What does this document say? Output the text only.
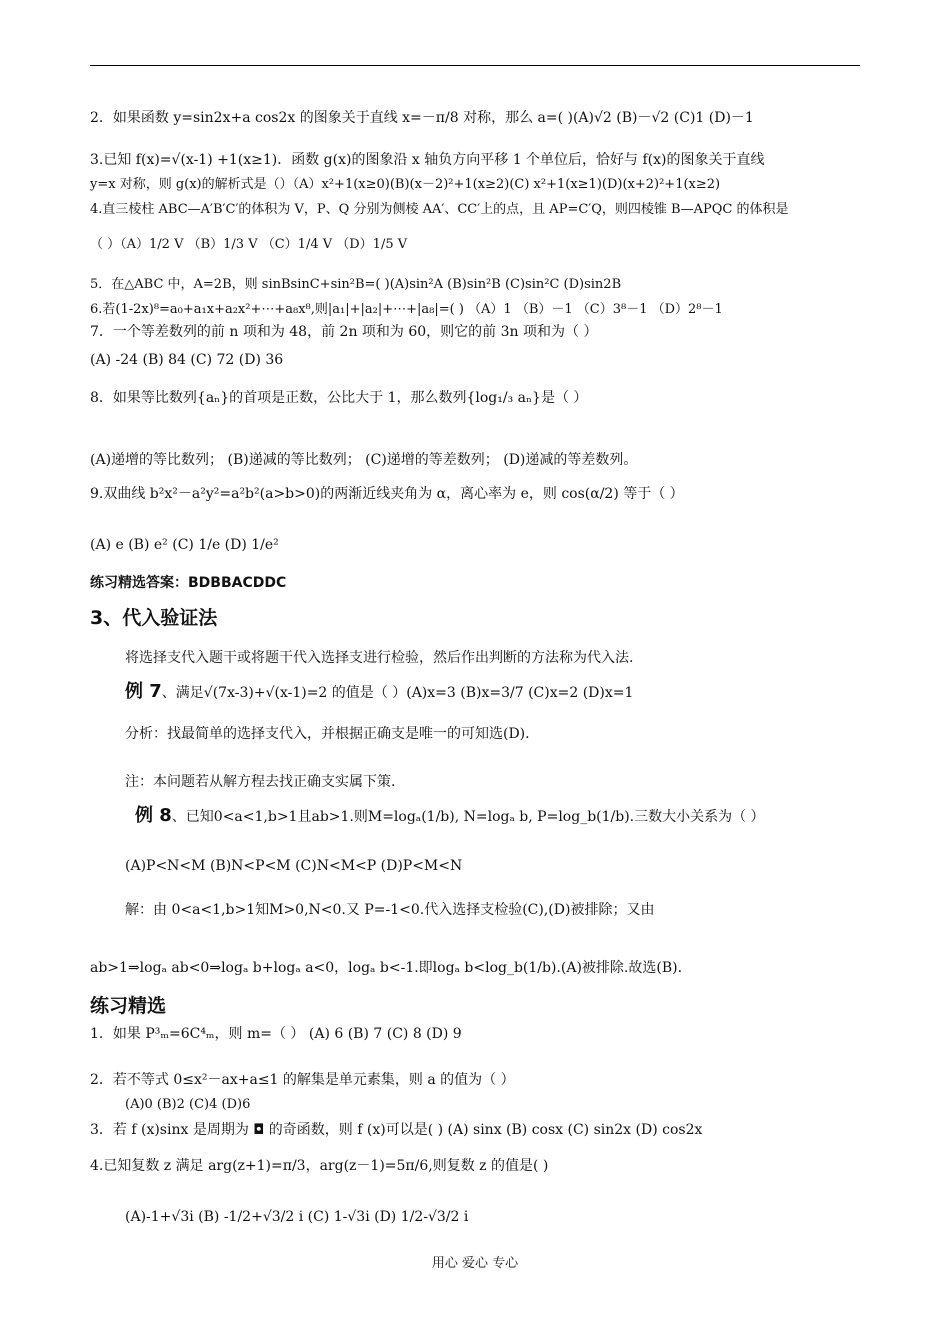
2．如果函数 y=sin2x+a cos2x 的图象关于直线 x=－π/8 对称，那么 a=( )(A)√2 (B)－√2 (C)1 (D)－1
3.已知 f(x)=√(x-1) +1(x≥1)．函数 g(x)的图象沿 x 轴负方向平移 1 个单位后，恰好与 f(x)的图象关于直线
y=x 对称，则 g(x)的解析式是（）（A）x²+1(x≥0)(B)(x－2)²+1(x≥2)(C) x²+1(x≥1)(D)(x+2)²+1(x≥2)
4.直三棱柱 ABC—A′B′C′的体积为 V，P、Q 分别为侧棱 AA′、CC′上的点，且 AP=C′Q，则四棱锥 B—APQC 的体积是
（ ）（A）1/2 V （B）1/3 V （C）1/4 V （D）1/5 V
5．在△ABC 中，A=2B，则 sinBsinC+sin²B=( )(A)sin²A (B)sin²B (C)sin²C (D)sin2B
6.若(1-2x)⁸=a₀+a₁x+a₂x²+⋯+a₈x⁸,则|a₁|+|a₂|+⋯+|a₈|=( ) （A）1 （B）－1 （C）3⁸－1 （D）2⁸－1
7．一个等差数列的前 n 项和为 48，前 2n 项和为 60，则它的前 3n 项和为（ ）
(A) -24 (B) 84 (C) 72 (D) 36
8．如果等比数列{aₙ}的首项是正数，公比大于 1，那么数列{log₁/₃ aₙ}是（ ）
(A)递增的等比数列； (B)递减的等比数列； (C)递增的等差数列； (D)递减的等差数列。
9.双曲线 b²x²－a²y²=a²b²(a>b>0)的两渐近线夹角为 α，离心率为 e，则 cos(α/2) 等于（ ）
(A) e (B) e² (C) 1/e (D) 1/e²
练习精选答案：BDBBACDDC
3、代入验证法
将选择支代入题干或将题干代入选择支进行检验，然后作出判断的方法称为代入法.
例 7、满足√(7x-3)+√(x-1)=2 的值是（ ）(A)x=3 (B)x=3/7 (C)x=2 (D)x=1
分析：找最简单的选择支代入，并根据正确支是唯一的可知选(D).
注：本问题若从解方程去找正确支实属下策.
例 8、已知0<a<1,b>1且ab>1.则M=logₐ(1/b), N=logₐ b, P=log_b(1/b).三数大小关系为（ ）
(A)P<N<M (B)N<P<M (C)N<M<P (D)P<M<N
解：由 0<a<1,b>1知M>0,N<0.又 P=-1<0.代入选择支检验(C),(D)被排除；又由
ab>1⇒logₐ ab<0⇒logₐ b+logₐ a<0，logₐ b<-1.即logₐ b<log_b(1/b).(A)被排除.故选(B).
练习精选
1．如果 P³ₘ=6C⁴ₘ，则 m=（ ） (A) 6 (B) 7 (C) 8 (D) 9
2．若不等式 0≤x²－ax+a≤1 的解集是单元素集，则 a 的值为（ ）
(A)0 (B)2 (C)4 (D)6
3．若 f (x)sinx 是周期为 ◘ 的奇函数，则 f (x)可以是( ) (A) sinx (B) cosx (C) sin2x (D) cos2x
4.已知复数 z 满足 arg(z+1)=π/3，arg(z－1)=5π/6,则复数 z 的值是( )
(A)-1+√3i (B) -1/2+√3/2 i (C) 1-√3i (D) 1/2-√3/2 i
用心 爱心 专心
